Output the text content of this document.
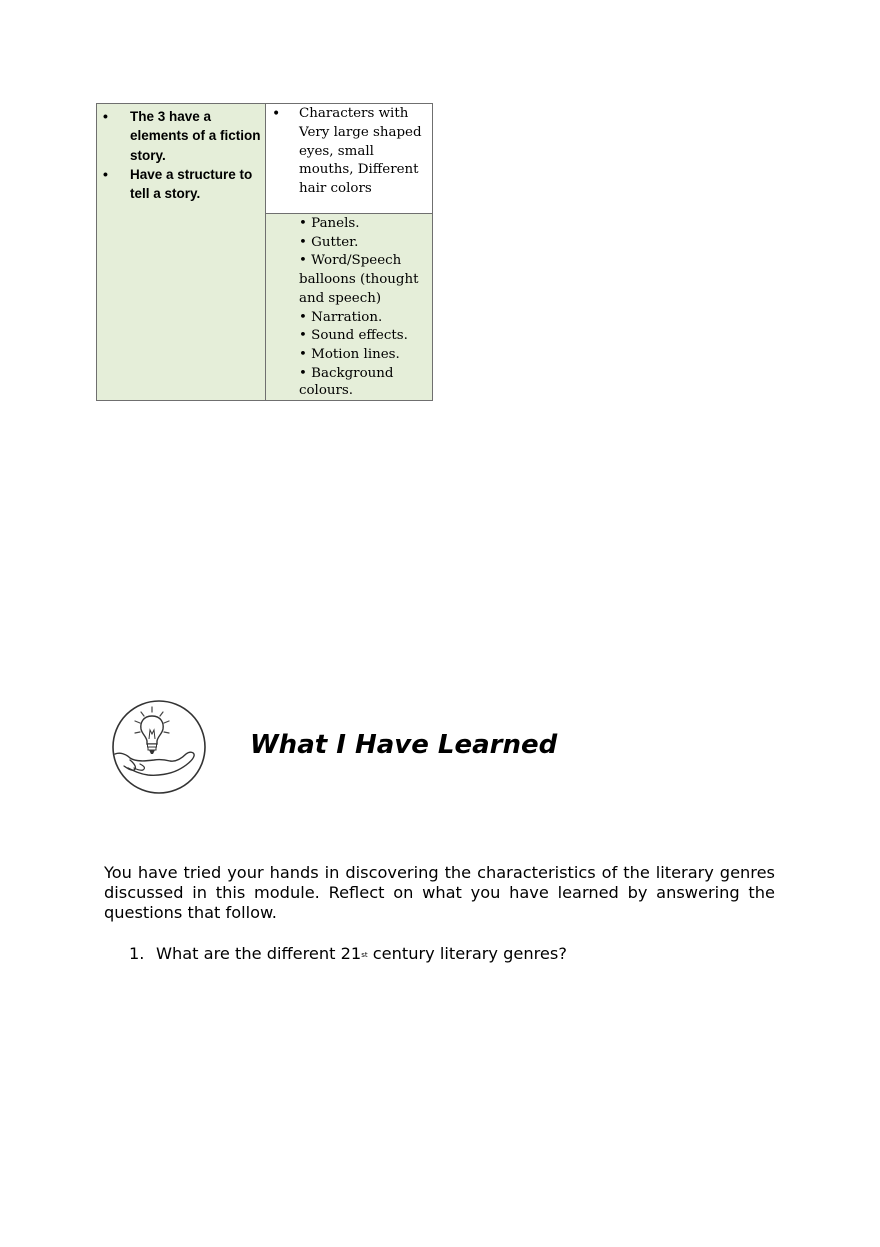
• The 3 have a elements of a fiction story.
• Have a structure to tell a story.
• Characters with Very large shaped eyes, small mouths, Different hair colors
• Panels.
• Gutter.
• Word/Speech balloons (thought and speech)
• Narration.
• Sound effects.
• Motion lines.
• Background colours.
What I Have Learned

You have tried your hands in discovering the characteristics of the literary genres discussed in this module. Reflect on what you have learned by answering the questions that follow.

1. What are the different 21st century literary genres?
